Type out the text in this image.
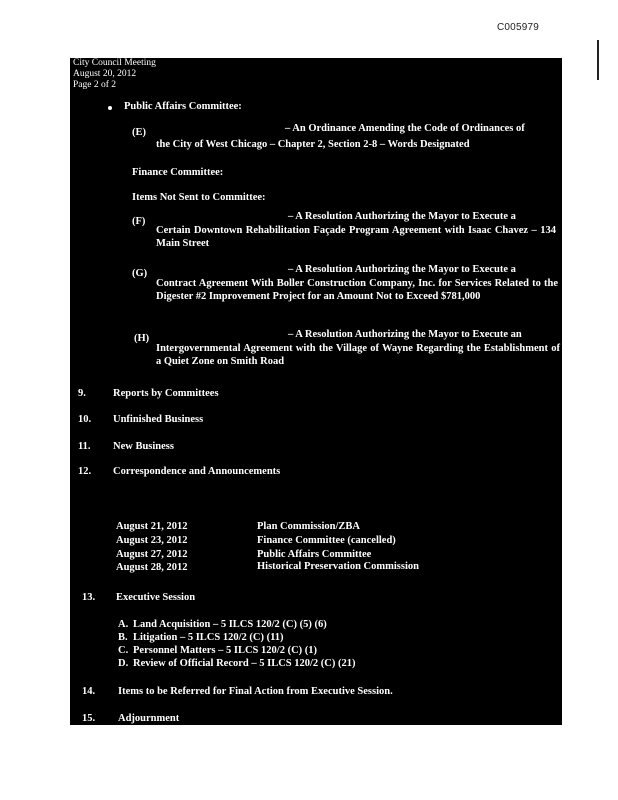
C005979
City Council Meeting
August 20, 2012
Page 2 of 2
Public Affairs Committee:
(E)	– An Ordinance Amending the Code of Ordinances of
the City of West Chicago – Chapter 2, Section 2-8 – Words Designated
Finance Committee:
Items Not Sent to Committee:
(F)	– A Resolution Authorizing the Mayor to Execute a
Certain Downtown Rehabilitation Façade Program Agreement with Isaac Chavez – 134 Main Street
(G)	– A Resolution Authorizing the Mayor to Execute a
Contract Agreement With Boller Construction Company, Inc. for Services Related to the Digester #2 Improvement Project for an Amount Not to Exceed $781,000
(H)	– A Resolution Authorizing the Mayor to Execute an
Intergovernmental Agreement with the Village of Wayne Regarding the Establishment of a Quiet Zone on Smith Road
9.	Reports by Committees
10. Unfinished Business
11. New Business
12. Correspondence and Announcements
August 21, 2012	Plan Commission/ZBA
August 23, 2012	Finance Committee (cancelled)
August 27, 2012	Public Affairs Committee
August 28, 2012	Historical Preservation Commission
13. Executive Session
A. Land Acquisition – 5 ILCS 120/2 (C) (5) (6)
B. Litigation – 5 ILCS 120/2 (C) (11)
C. Personnel Matters – 5 ILCS 120/2 (C) (1)
D. Review of Official Record – 5 ILCS 120/2 (C) (21)
14. Items to be Referred for Final Action from Executive Session.
15. Adjournment
